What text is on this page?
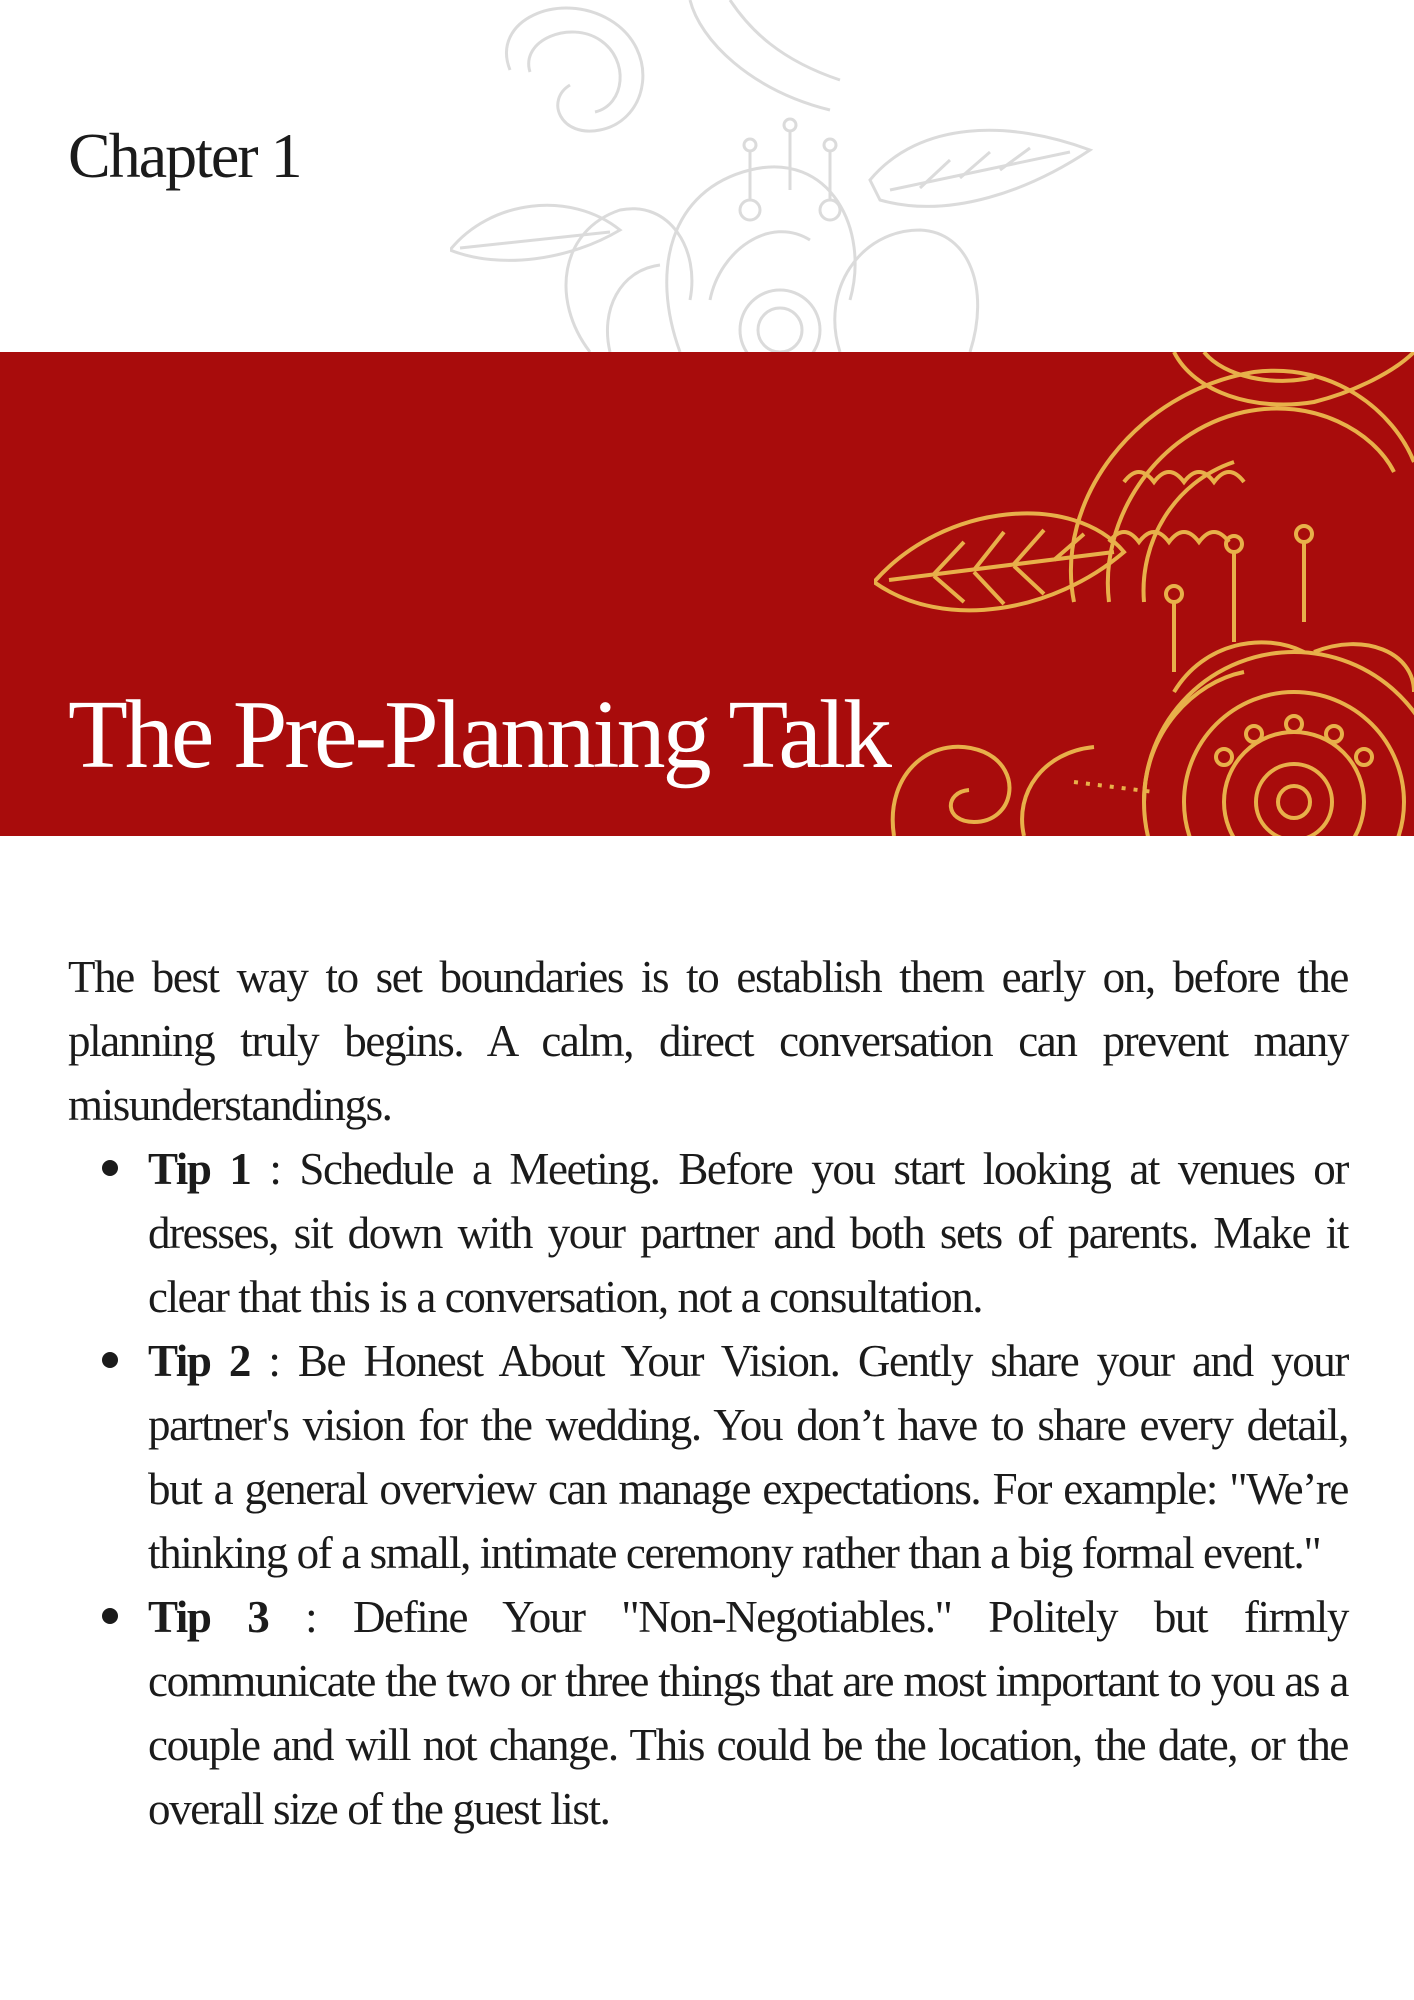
Chapter 1
The Pre-Planning Talk

The best way to set boundaries is to establish them early on, before the planning truly begins. A calm, direct conversation can prevent many misunderstandings.

Tip 1 : Schedule a Meeting. Before you start looking at venues or dresses, sit down with your partner and both sets of parents. Make it clear that this is a conversation, not a consultation.
Tip 2 : Be Honest About Your Vision. Gently share your and your partner's vision for the wedding. You don’t have to share every detail, but a general overview can manage expectations. For example: "We’re thinking of a small, intimate ceremony rather than a big formal event."
Tip 3 : Define Your "Non-Negotiables." Politely but firmly communicate the two or three things that are most important to you as a couple and will not change. This could be the location, the date, or the overall size of the guest list.
